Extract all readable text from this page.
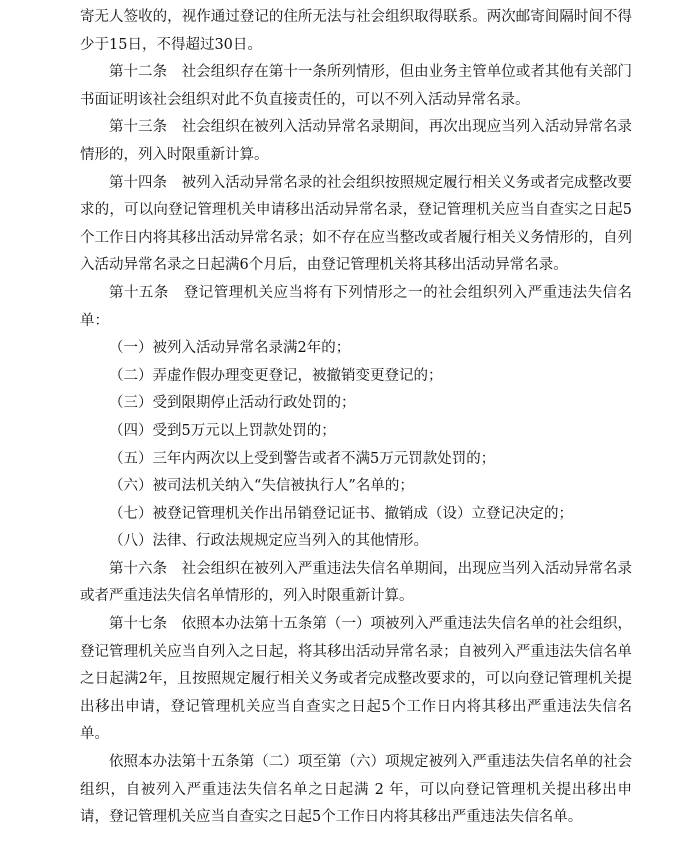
寄无人签收的，视作通过登记的住所无法与社会组织取得联系。两次邮寄间隔时间不得少于15日，不得超过30日。

第十二条　社会组织存在第十一条所列情形，但由业务主管单位或者其他有关部门书面证明该社会组织对此不负直接责任的，可以不列入活动异常名录。

第十三条　社会组织在被列入活动异常名录期间，再次出现应当列入活动异常名录情形的，列入时限重新计算。

第十四条　被列入活动异常名录的社会组织按照规定履行相关义务或者完成整改要求的，可以向登记管理机关申请移出活动异常名录，登记管理机关应当自查实之日起5个工作日内将其移出活动异常名录；如不存在应当整改或者履行相关义务情形的，自列入活动异常名录之日起满6个月后，由登记管理机关将其移出活动异常名录。

第十五条　登记管理机关应当将有下列情形之一的社会组织列入严重违法失信名单：

（一）被列入活动异常名录满2年的；

（二）弄虚作假办理变更登记，被撤销变更登记的；

（三）受到限期停止活动行政处罚的；

（四）受到5万元以上罚款处罚的；

（五）三年内两次以上受到警告或者不满5万元罚款处罚的；

（六）被司法机关纳入“失信被执行人”名单的；

（七）被登记管理机关作出吊销登记证书、撤销成（设）立登记决定的；

（八）法律、行政法规规定应当列入的其他情形。

第十六条　社会组织在被列入严重违法失信名单期间，出现应当列入活动异常名录或者严重违法失信名单情形的，列入时限重新计算。

第十七条　依照本办法第十五条第（一）项被列入严重违法失信名单的社会组织，登记管理机关应当自列入之日起，将其移出活动异常名录；自被列入严重违法失信名单之日起满2年，且按照规定履行相关义务或者完成整改要求的，可以向登记管理机关提出移出申请，登记管理机关应当自查实之日起5个工作日内将其移出严重违法失信名单。

依照本办法第十五条第（二）项至第（六）项规定被列入严重违法失信名单的社会组织，自被列入严重违法失信名单之日起满 2 年，可以向登记管理机关提出移出申请，登记管理机关应当自查实之日起5个工作日内将其移出严重违法失信名单。
